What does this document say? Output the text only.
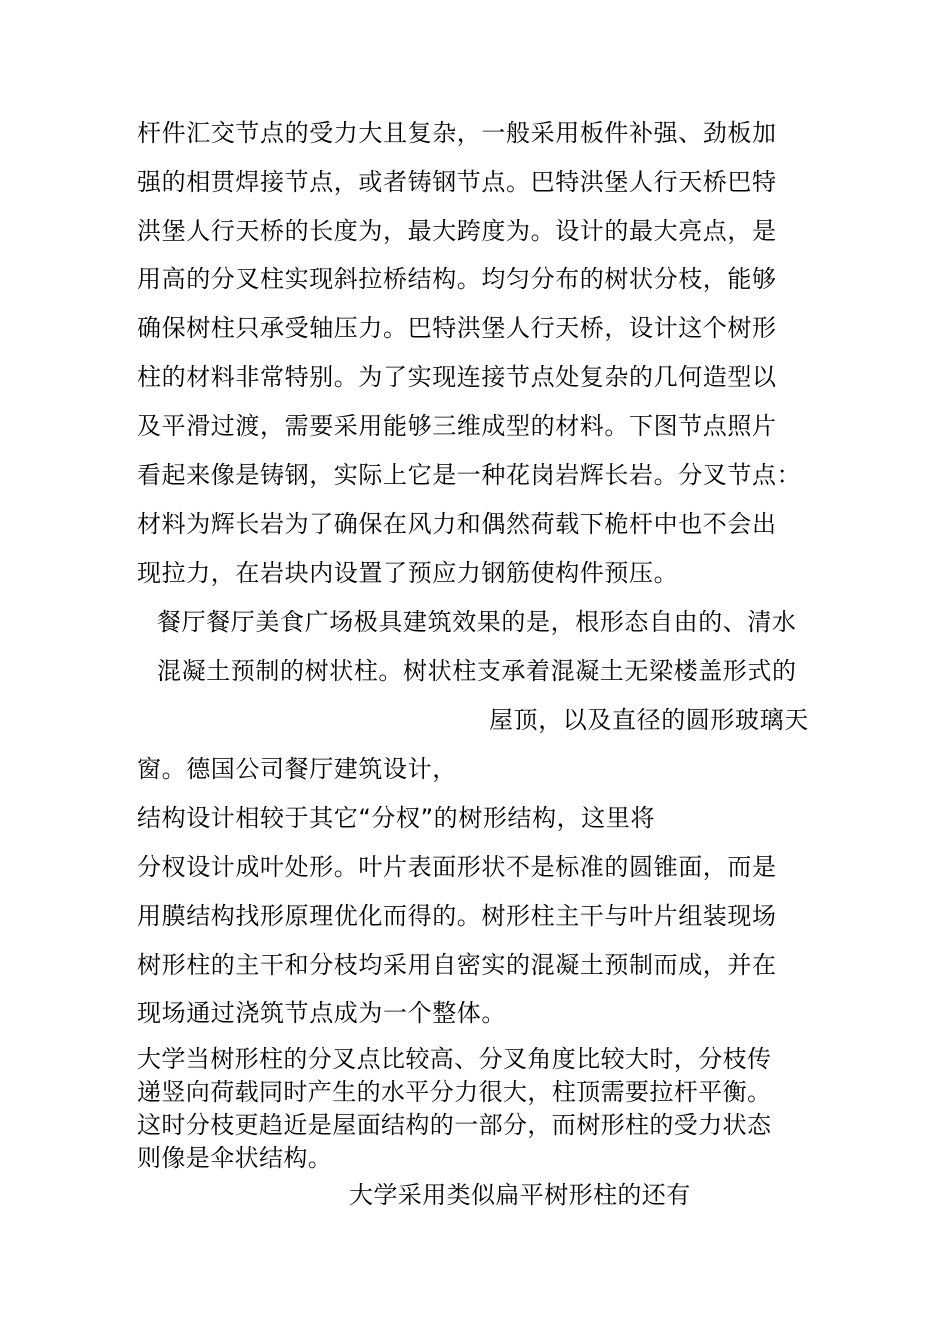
杆件汇交节点的受力大且复杂，一般采用板件补强、劲板加
强的相贯焊接节点，或者铸钢节点。巴特洪堡人行天桥巴特
洪堡人行天桥的长度为，最大跨度为。设计的最大亮点，是
用高的分叉柱实现斜拉桥结构。均匀分布的树状分枝，能够
确保树柱只承受轴压力。巴特洪堡人行天桥，设计这个树形
柱的材料非常特别。为了实现连接节点处复杂的几何造型以
及平滑过渡，需要采用能够三维成型的材料。下图节点照片
看起来像是铸钢，实际上它是一种花岗岩辉长岩。分叉节点：
材料为辉长岩为了确保在风力和偶然荷载下桅杆中也不会出
现拉力，在岩块内设置了预应力钢筋使构件预压。
餐厅餐厅美食广场极具建筑效果的是，根形态自由的、清水
混凝土预制的树状柱。树状柱支承着混凝土无梁楼盖形式的
屋顶，以及直径的圆形玻璃天
窗。德国公司餐厅建筑设计，
结构设计相较于其它“分杈”的树形结构，这里将
分杈设计成叶处形。叶片表面形状不是标准的圆锥面，而是
用膜结构找形原理优化而得的。树形柱主干与叶片组装现场
树形柱的主干和分枝均采用自密实的混凝土预制而成，并在
现场通过浇筑节点成为一个整体。
大学当树形柱的分叉点比较高、分叉角度比较大时，分枝传
递竖向荷载同时产生的水平分力很大，柱顶需要拉杆平衡。
这时分枝更趋近是屋面结构的一部分，而树形柱的受力状态
则像是伞状结构。
大学采用类似扁平树形柱的还有
